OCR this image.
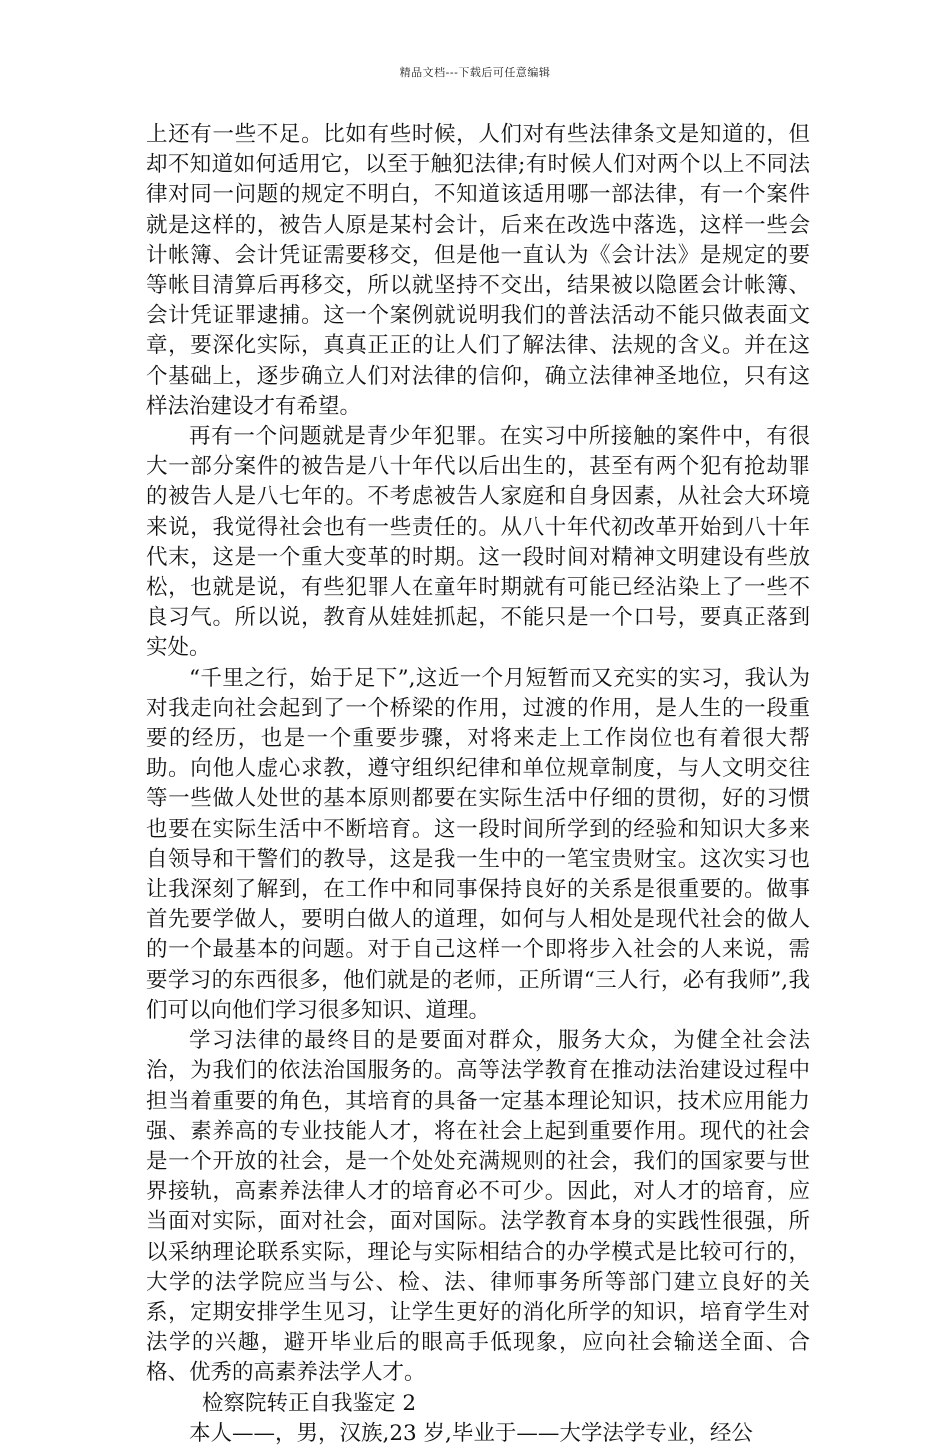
精品文档---下载后可任意编辑

上还有一些不足。比如有些时候，人们对有些法律条文是知道的，但却不知道如何适用它，以至于触犯法律;有时候人们对两个以上不同法律对同一问题的规定不明白，不知道该适用哪一部法律，有一个案件就是这样的，被告人原是某村会计，后来在改选中落选，这样一些会计帐簿、会计凭证需要移交，但是他一直认为《会计法》是规定的要等帐目清算后再移交，所以就坚持不交出，结果被以隐匿会计帐簿、会计凭证罪逮捕。这一个案例就说明我们的普法活动不能只做表面文章，要深化实际，真真正正的让人们了解法律、法规的含义。并在这个基础上，逐步确立人们对法律的信仰，确立法律神圣地位，只有这样法治建设才有希望。

再有一个问题就是青少年犯罪。在实习中所接触的案件中，有很大一部分案件的被告是八十年代以后出生的，甚至有两个犯有抢劫罪的被告人是八七年的。不考虑被告人家庭和自身因素，从社会大环境来说，我觉得社会也有一些责任的。从八十年代初改革开始到八十年代末，这是一个重大变革的时期。这一段时间对精神文明建设有些放松，也就是说，有些犯罪人在童年时期就有可能已经沾染上了一些不良习气。所以说，教育从娃娃抓起，不能只是一个口号，要真正落到实处。

“千里之行，始于足下”,这近一个月短暂而又充实的实习，我认为对我走向社会起到了一个桥梁的作用，过渡的作用，是人生的一段重要的经历，也是一个重要步骤，对将来走上工作岗位也有着很大帮助。向他人虚心求教，遵守组织纪律和单位规章制度，与人文明交往等一些做人处世的基本原则都要在实际生活中仔细的贯彻，好的习惯也要在实际生活中不断培育。这一段时间所学到的经验和知识大多来自领导和干警们的教导，这是我一生中的一笔宝贵财宝。这次实习也让我深刻了解到，在工作中和同事保持良好的关系是很重要的。做事首先要学做人，要明白做人的道理，如何与人相处是现代社会的做人的一个最基本的问题。对于自己这样一个即将步入社会的人来说，需要学习的东西很多，他们就是的老师，正所谓“三人行，必有我师”,我们可以向他们学习很多知识、道理。

学习法律的最终目的是要面对群众，服务大众，为健全社会法治，为我们的依法治国服务的。高等法学教育在推动法治建设过程中担当着重要的角色，其培育的具备一定基本理论知识，技术应用能力强、素养高的专业技能人才，将在社会上起到重要作用。现代的社会是一个开放的社会，是一个处处充满规则的社会，我们的国家要与世界接轨，高素养法律人才的培育必不可少。因此，对人才的培育，应当面对实际，面对社会，面对国际。法学教育本身的实践性很强，所以采纳理论联系实际，理论与实际相结合的办学模式是比较可行的，大学的法学院应当与公、检、法、律师事务所等部门建立良好的关系，定期安排学生见习，让学生更好的消化所学的知识，培育学生对法学的兴趣，避开毕业后的眼高手低现象，应向社会输送全面、合格、优秀的高素养法学人才。

检察院转正自我鉴定 2

本人——，男，汉族,23 岁,毕业于——大学法学专业，经公
